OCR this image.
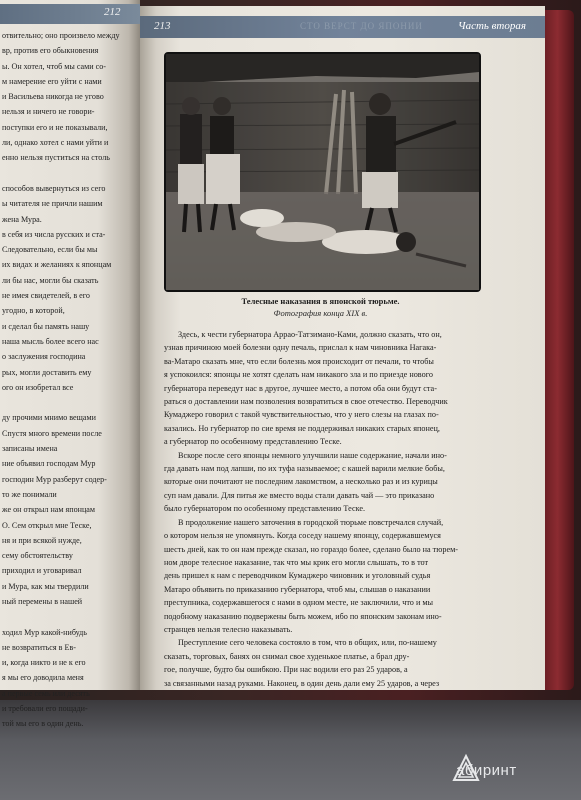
212
отвительно; оно произвело между
вр, против его обыкновения
ы. Он хотел, чтоб мы сами со-
м намерение его уйти с нами
и Васильева никогда не угово
нельзя и ничего не говори-
поступки его и не показывали,
ли, однако хотел с нами уйти и
енно нельзя пуститься на столь

способов вывернуться из сего
ы читателя не причли нашим
жена Мура.
в себя из числа русских и ста-
Следовательно, если бы мы
их видах и желаниях к японцам
ли бы нас, могли бы сказать
не имея свидетелей, в его
угодно, в которой,
и сделал бы память нашу
наша мысль более всего нас
о заслужения господина
рых, могли доставить ему
ого он изобретал все

ду прочими мнимо вещами
Спустя много времени после
записаны имена
ние объявил господам Мур
господин Мур разберут содер-
то же понимали
же он открыл нам японцам
О. Сем открыл мне Теске,
ня и при всякой нужде,
сему обстоятельству
приходил и уговаривал
и Мура, как мы твердили
ный перемены в нашей

ходил Мур какой-нибудь
не возвратиться в Ев-
и, когда никто и не к его
я мы его доводила меня
а первые семь или десять
и требовали его пощади-
той мы его в один день.
213	СТО ВЕРСТ ДО ЯПОНИИ	Часть вторая
Телесные наказания в японской тюрьме.
Фотография конца XIX в.
Здесь, к чести губернатора Аррао-Татзимано-Ками, должно сказать, что он,
узнав причиною моей болезни одну печаль, прислал к нам чиновника Нагака-
ва-Матаро сказать мне, что если болезнь моя происходит от печали, то чтобы
я успокоился: японцы не хотят сделать нам никакого зла и по приезде нового
губернатора переведут нас в другое, лучшее место, а потом оба они будут ста-
раться о доставлении нам позволения возвратиться в свое отечество. Переводчик
Кумаджеро говорил с такой чувствительностью, что у него слезы на глазах по-
казались. Но губернатор по сие время не поддерживал никаких старых японец,
а губернатор по особенному представлению Теске.
Вскоре после сего японцы немного улучшили наше содержание, начали ино-
гда давать нам под лапши, по их туфа называемое; с кашей варили мелкие бобы,
которые они почитают не последним лакомством, а несколько раз и из курицы
суп нам давали. Для питья же вместо воды стали давать чай — это приказано
было губернатором по особенному представлению Теске.
В продолжение нашего заточения в городской тюрьме повстречался случай,
о котором нельзя не упомянуть. Когда соседу нашему японцу, содержавшемуся
шесть дней, как то он нам прежде сказал, но гораздо более, сделано было на тюрем-
ном дворе телесное наказание, так что мы крик его могли слышать, то в тот
день пришел к нам с переводчиком Кумаджеро чиновник и уголовный судья
Матаро объявить по приказанию губернатора, чтоб мы, слышав о наказании
преступника, содержавшегося с нами в одном месте, не заключили, что и мы
подобному наказанию подвержены быть можем, ибо по японским законам ино-
странцев нельзя телесно наказывать.
Преступление сего человека состояло в том, что в общих, или, по-нашему
сказать, торговых, банях он снимал свое худенькое платье, а брал дру-
гое, получше, будто бы ошибкою. При нас водили его раз 25 ударов, а
за связанными назад руками. Наконец, в один день дали ему 25 ударов, а через
абиринт
